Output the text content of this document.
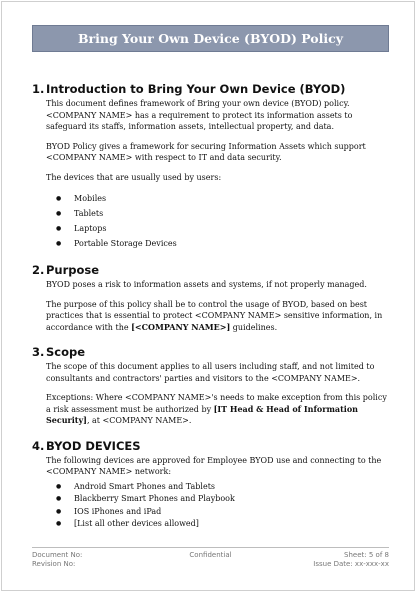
Bring Your Own Device (BYOD) Policy
1. Introduction to Bring Your Own Device (BYOD)

This document defines framework of Bring your own device (BYOD) policy. <COMPANY NAME> has a requirement to protect its information assets to safeguard its staffs, information assets, intellectual property, and data.

BYOD Policy gives a framework for securing Information Assets which support <COMPANY NAME> with respect to IT and data security.

The devices that are usually used by users:

● Mobiles
● Tablets
● Laptops
● Portable Storage Devices
2. Purpose

BYOD poses a risk to information assets and systems, if not properly managed.

The purpose of this policy shall be to control the usage of BYOD, based on best practices that is essential to protect <COMPANY NAME> sensitive information, in accordance with the [<COMPANY NAME>] guidelines.

3. Scope

The scope of this document applies to all users including staff, and not limited to consultants and contractors' parties and visitors to the <COMPANY NAME>.

Exceptions: Where <COMPANY NAME>'s needs to make exception from this policy a risk assessment must be authorized by [IT Head & Head of Information Security], at <COMPANY NAME>.

4. BYOD DEVICES

The following devices are approved for Employee BYOD use and connecting to the <COMPANY NAME> network:

● Android Smart Phones and Tablets
● Blackberry Smart Phones and Playbook
● IOS iPhones and iPad
● [List all other devices allowed]
Document No:	Confidential	Sheet: 5 of 8
Revision No:	Issue Date: xx-xxx-xx
